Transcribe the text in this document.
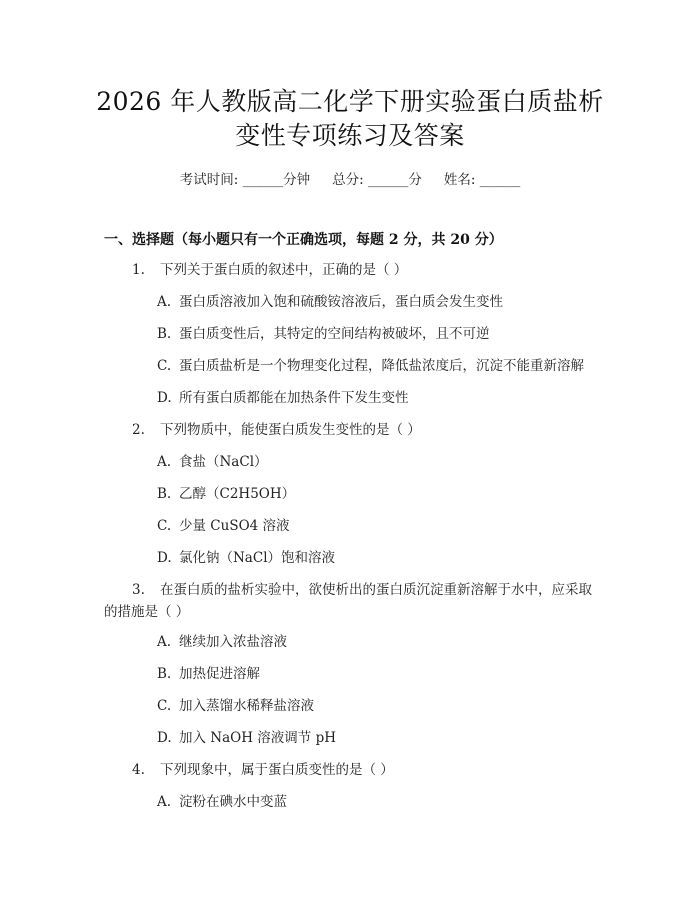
2026 年人教版高二化学下册实验蛋白质盐析
变性专项练习及答案
考试时间: ______分钟 总分: ______分 姓名: ______
一、选择题（每小题只有一个正确选项，每题 2 分，共 20 分）
1. 下列关于蛋白质的叙述中，正确的是（ ）
A. 蛋白质溶液加入饱和硫酸铵溶液后，蛋白质会发生变性
B. 蛋白质变性后，其特定的空间结构被破坏，且不可逆
C. 蛋白质盐析是一个物理变化过程，降低盐浓度后，沉淀不能重新溶解
D. 所有蛋白质都能在加热条件下发生变性
2. 下列物质中，能使蛋白质发生变性的是（ ）
A. 食盐（NaCl）
B. 乙醇（C2H5OH）
C. 少量 CuSO4 溶液
D. 氯化钠（NaCl）饱和溶液
3. 在蛋白质的盐析实验中，欲使析出的蛋白质沉淀重新溶解于水中，应采取
的措施是（ ）
A. 继续加入浓盐溶液
B. 加热促进溶解
C. 加入蒸馏水稀释盐溶液
D. 加入 NaOH 溶液调节 pH
4. 下列现象中，属于蛋白质变性的是（ ）
A. 淀粉在碘水中变蓝
